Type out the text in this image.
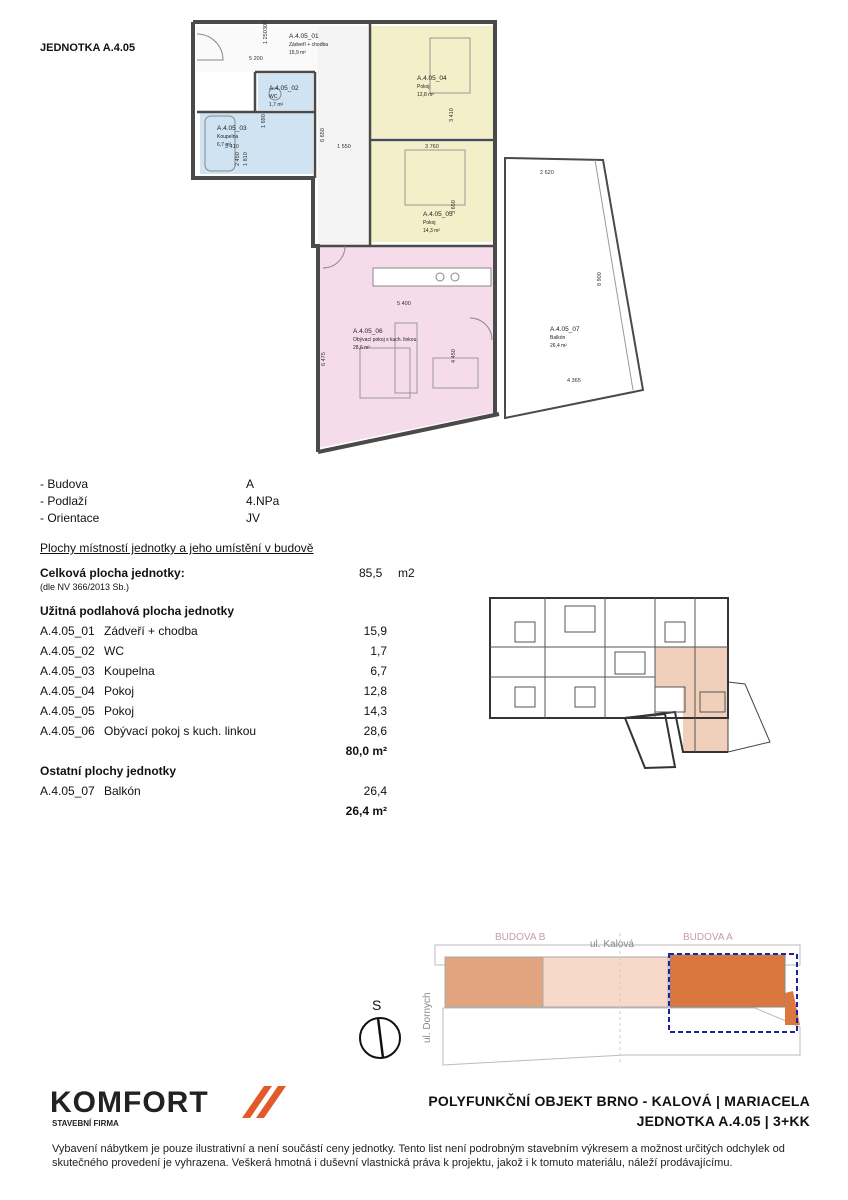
JEDNOTKA A.4.05
A.4.05_01
Zádveří + chodba
15,9 m²
A.4.05_02
WC
1,7 m²
A.4.05_03
Koupelna
6,7 m²
A.4.05_04
Pokoj
12,8 m²
A.4.05_05
Pokoj
14,3 m²
A.4.05_06
Obývací pokoj s kuch. linkou
28,6 m²
A.4.05_07
Balkón
26,4 m²
5 200
1 550
3 410	3 760
5 400
2 620
4 365
1 250
300
6 650
3 410
3 650
6 475	4 450
8 900
1 690
2 450 1 810
- Budova	A
- Podlaží	4.NPa
- Orientace	JV
Plochy místností jednotky a jeho umístění v budově
Celková plocha jednotky:	85,5 m2
(dle NV 366/2013 Sb.)
Užitná podlahová plocha jednotky
A.4.05_01 Zádveří + chodba	15,9
A.4.05_02 WC	1,7
A.4.05_03 Koupelna	6,7
A.4.05_04 Pokoj	12,8
A.4.05_05 Pokoj	14,3
A.4.05_06 Obývací pokoj s kuch. linkou	28,6
80,0 m²
Ostatní plochy jednotky
A.4.05_07 Balkón	26,4
26,4 m²
BUDOVA B
ul. Kalová
BUDOVA A
ul. Dornych
S
KOMFORT
STAVEBNÍ FIRMA
POLYFUNKČNÍ OBJEKT BRNO - KALOVÁ | MARIACELA
JEDNOTKA A.4.05 | 3+KK
Vybavení nábytkem je pouze ilustrativní a není součástí ceny jednotky. Tento list není podrobným stavebním výkresem a možnost určitých odchylek od skutečného provedení je vyhrazena. Veškerá hmotná i duševní vlastnická práva k projektu, jakož i k tomuto materiálu, náleží prodávajícímu.
